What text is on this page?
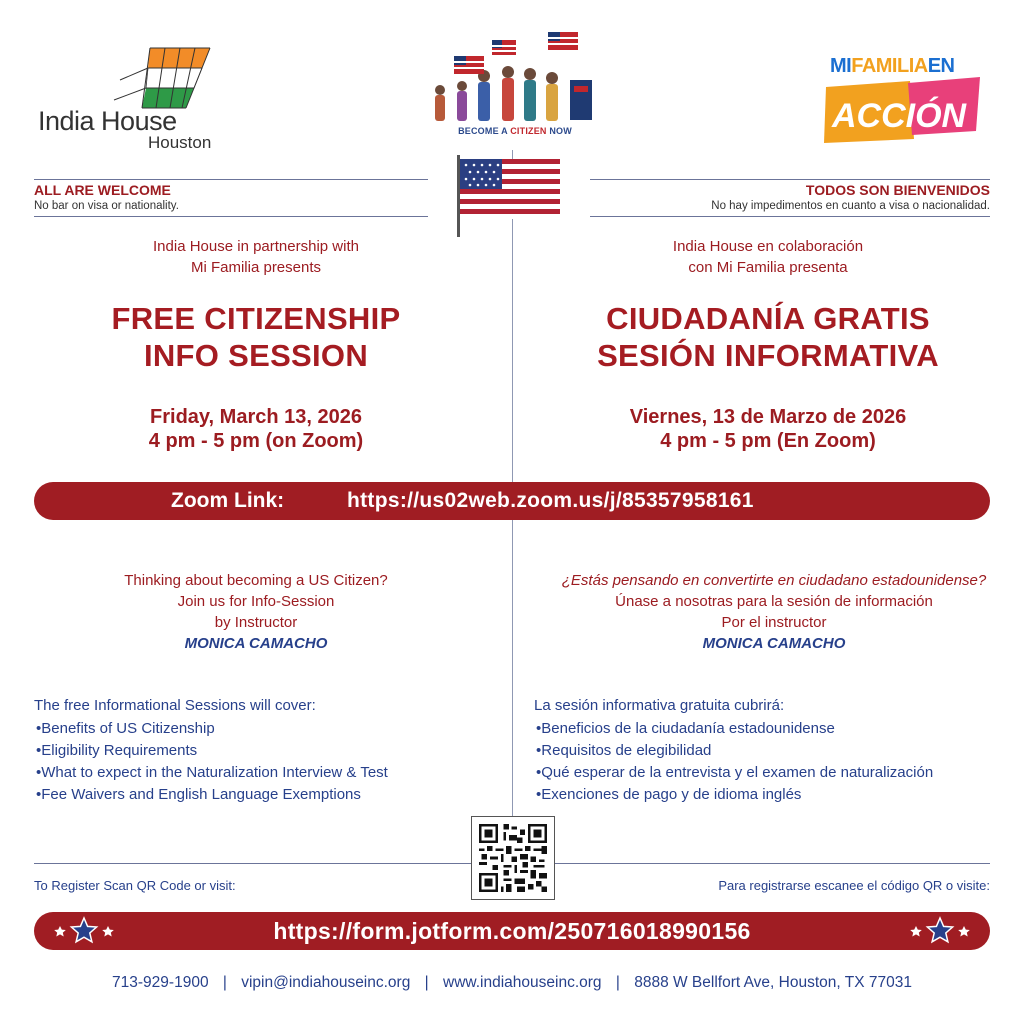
India House
Houston
BECOME A CITIZEN NOW
MIFAMILIAEN
ACCIÓN
ALL ARE WELCOME
No bar on visa or nationality.
TODOS SON BIENVENIDOS
No hay impedimentos en cuanto a visa o nacionalidad.
India House in partnership with
Mi Familia presents
India House en colaboración
con Mi Familia presenta
FREE CITIZENSHIP
INFO SESSION
CIUDADANÍA GRATIS
SESIÓN INFORMATIVA
Friday, March 13, 2026
4 pm - 5 pm (on Zoom)
Viernes, 13 de Marzo de 2026
4 pm - 5 pm (En Zoom)
Zoom Link:	https://us02web.zoom.us/j/85357958161
Thinking about becoming a US Citizen?
Join us for Info-Session
by Instructor
MONICA CAMACHO
¿Estás pensando en convertirte en ciudadano estadounidense?
Únase a nosotras para la sesión de información
Por el instructor
MONICA CAMACHO
The free Informational Sessions will cover:
•Benefits of US Citizenship
•Eligibility Requirements
•What to expect in the Naturalization Interview & Test
•Fee Waivers and English Language Exemptions
La sesión informativa gratuita cubrirá:
•Beneficios de la ciudadanía estadounidense
•Requisitos de elegibilidad
•Qué esperar de la entrevista y el examen de naturalización
•Exenciones de pago y de idioma inglés
To Register Scan QR Code or visit:	Para registrarse escanee el código QR o visite:
https://form.jotform.com/250716018990156
713-929-1900 | vipin@indiahouseinc.org | www.indiahouseinc.org | 8888 W Bellfort Ave, Houston, TX 77031
